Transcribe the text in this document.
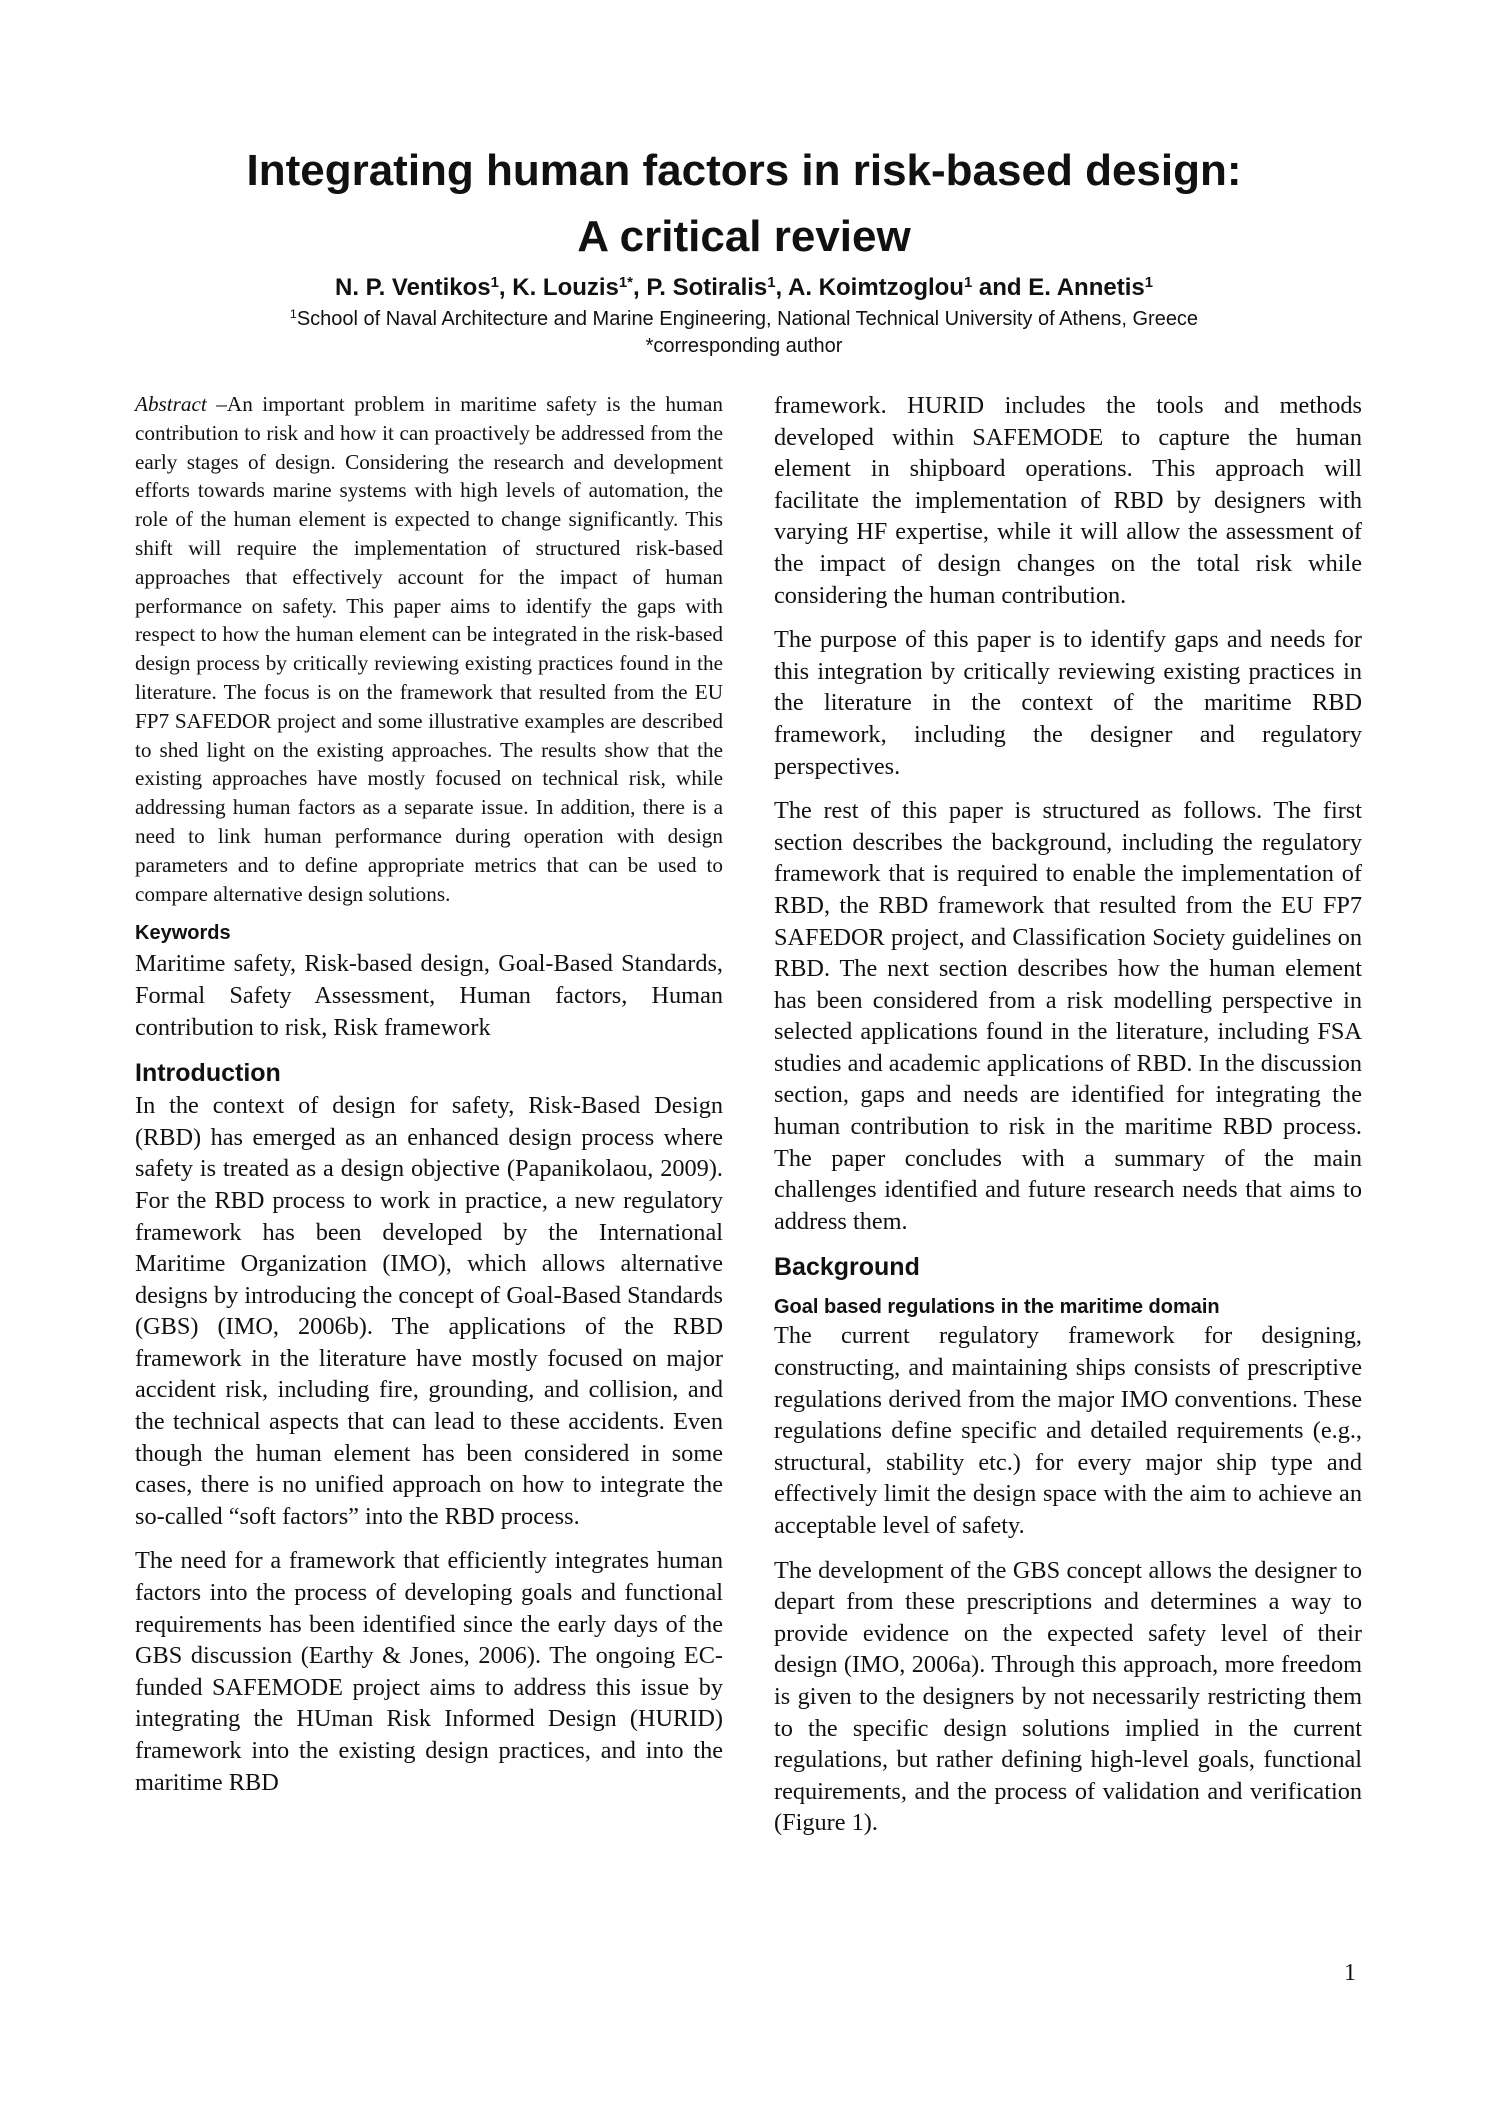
Integrating human factors in risk-based design:
A critical review
N. P. Ventikos$^1$, K. Louzis$^{1*}$, P. Sotiralis$^1$, A. Koimtzoglou$^1$ and E. Annetis$^1$
$^1$School of Naval Architecture and Marine Engineering, National Technical University of Athens, Greece
*corresponding author

Abstract –An important problem in maritime safety is the human contribution to risk and how it can proactively be addressed from the early stages of design. Considering the research and development efforts towards marine systems with high levels of automation, the role of the human element is expected to change significantly. This shift will require the implementation of structured risk-based approaches that effectively account for the impact of human performance on safety. This paper aims to identify the gaps with respect to how the human element can be integrated in the risk-based design process by critically reviewing existing practices found in the literature. The focus is on the framework that resulted from the EU FP7 SAFEDOR project and some illustrative examples are described to shed light on the existing approaches. The results show that the existing approaches have mostly focused on technical risk, while addressing human factors as a separate issue. In addition, there is a need to link human performance during operation with design parameters and to define appropriate metrics that can be used to compare alternative design solutions.

Keywords

Maritime safety, Risk-based design, Goal-Based Standards, Formal Safety Assessment, Human factors, Human contribution to risk, Risk framework

Introduction

In the context of design for safety, Risk-Based Design (RBD) has emerged as an enhanced design process where safety is treated as a design objective (Papanikolaou, 2009). For the RBD process to work in practice, a new regulatory framework has been developed by the International Maritime Organization (IMO), which allows alternative designs by introducing the concept of Goal-Based Standards (GBS) (IMO, 2006b). The applications of the RBD framework in the literature have mostly focused on major accident risk, including fire, grounding, and collision, and the technical aspects that can lead to these accidents. Even though the human element has been considered in some cases, there is no unified approach on how to integrate the so-called “soft factors” into the RBD process.

The need for a framework that efficiently integrates human factors into the process of developing goals and functional requirements has been identified since the early days of the GBS discussion (Earthy & Jones, 2006). The ongoing EC-funded SAFEMODE project aims to address this issue by integrating the HUman Risk Informed Design (HURID) framework into the existing design practices, and into the maritime RBD

framework. HURID includes the tools and methods developed within SAFEMODE to capture the human element in shipboard operations. This approach will facilitate the implementation of RBD by designers with varying HF expertise, while it will allow the assessment of the impact of design changes on the total risk while considering the human contribution.

The purpose of this paper is to identify gaps and needs for this integration by critically reviewing existing practices in the literature in the context of the maritime RBD framework, including the designer and regulatory perspectives.

The rest of this paper is structured as follows. The first section describes the background, including the regulatory framework that is required to enable the implementation of RBD, the RBD framework that resulted from the EU FP7 SAFEDOR project, and Classification Society guidelines on RBD. The next section describes how the human element has been considered from a risk modelling perspective in selected applications found in the literature, including FSA studies and academic applications of RBD. In the discussion section, gaps and needs are identified for integrating the human contribution to risk in the maritime RBD process. The paper concludes with a summary of the main challenges identified and future research needs that aims to address them.

Background
Goal based regulations in the maritime domain

The current regulatory framework for designing, constructing, and maintaining ships consists of prescriptive regulations derived from the major IMO conventions. These regulations define specific and detailed requirements (e.g., structural, stability etc.) for every major ship type and effectively limit the design space with the aim to achieve an acceptable level of safety.

The development of the GBS concept allows the designer to depart from these prescriptions and determines a way to provide evidence on the expected safety level of their design (IMO, 2006a). Through this approach, more freedom is given to the designers by not necessarily restricting them to the specific design solutions implied in the current regulations, but rather defining high-level goals, functional requirements, and the process of validation and verification (Figure 1).

1
